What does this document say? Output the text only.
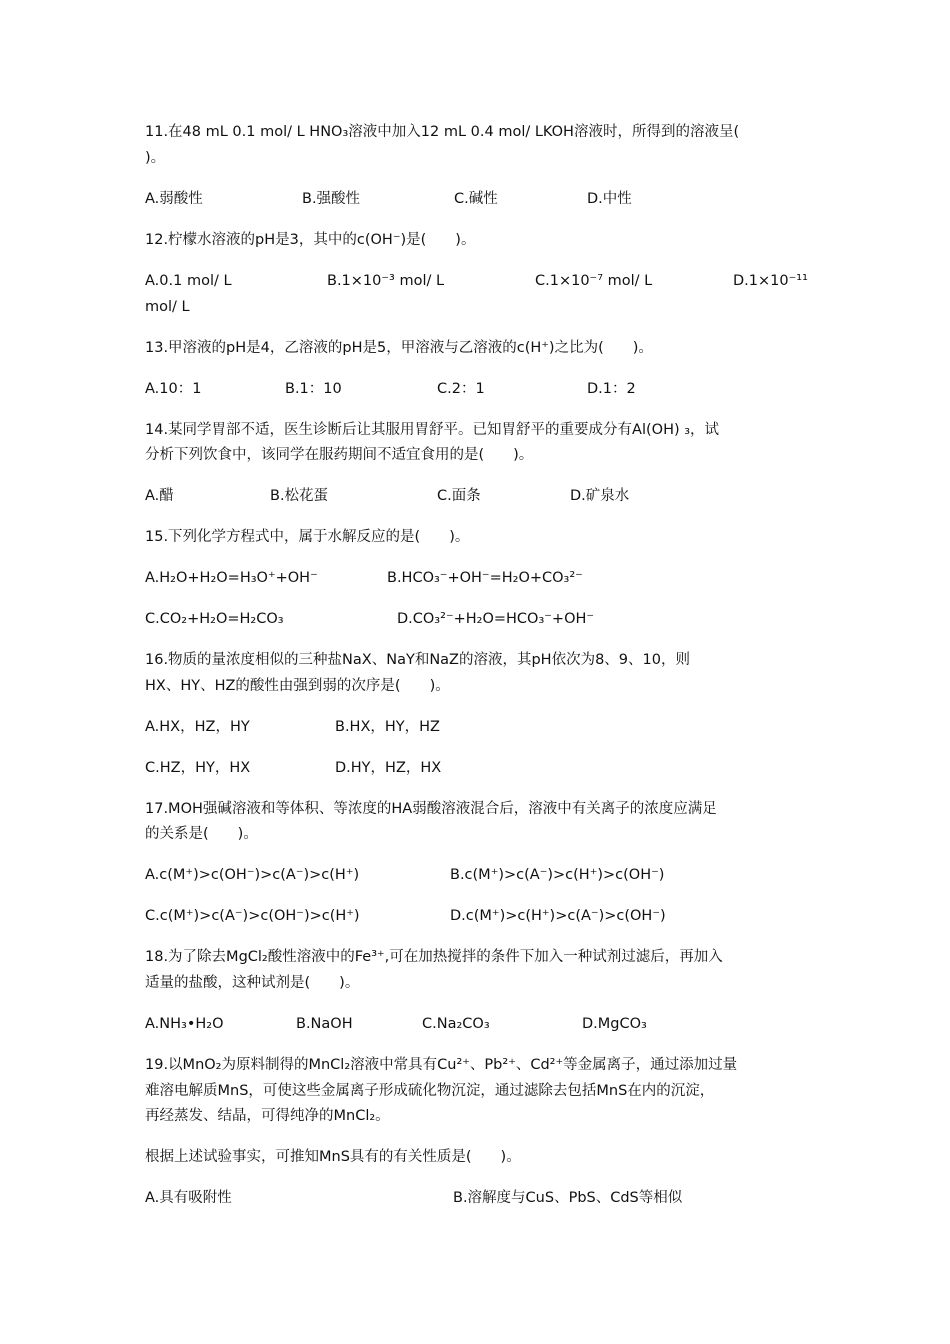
11.在48 mL 0.1 mol/ L HNO₃溶液中加入12 mL 0.4 mol/ LKOH溶液时，所得到的溶液呈(
)。
A.弱酸性	B.强酸性	C.碱性	D.中性
12.柠檬水溶液的pH是3，其中的c(OH⁻)是(　　)。
A.0.1 mol/ L	B.1×10⁻³ mol/ L	C.1×10⁻⁷ mol/ L	D.1×10⁻¹¹
mol/ L
13.甲溶液的pH是4，乙溶液的pH是5，甲溶液与乙溶液的c(H⁺)之比为(　　)。
A.10：1	B.1：10	C.2：1	D.1：2
14.某同学胃部不适，医生诊断后让其服用胃舒平。已知胃舒平的重要成分有Al(OH) ₃，试
分析下列饮食中，该同学在服药期间不适宜食用的是(　　)。
A.醋	B.松花蛋	C.面条	D.矿泉水
15.下列化学方程式中，属于水解反应的是(　　)。
A.H₂O+H₂O=H₃O⁺+OH⁻	B.HCO₃⁻+OH⁻=H₂O+CO₃²⁻
C.CO₂+H₂O=H₂CO₃	D.CO₃²⁻+H₂O=HCO₃⁻+OH⁻
16.物质的量浓度相似的三种盐NaX、NaY和NaZ的溶液，其pH依次为8、9、10，则
HX、HY、HZ的酸性由强到弱的次序是(　　)。
A.HX，HZ，HY	B.HX，HY，HZ
C.HZ，HY，HX	D.HY，HZ，HX
17.MOH强碱溶液和等体积、等浓度的HA弱酸溶液混合后，溶液中有关离子的浓度应满足
的关系是(　　)。
A.c(M⁺)>c(OH⁻)>c(A⁻)>c(H⁺)	B.c(M⁺)>c(A⁻)>c(H⁺)>c(OH⁻)
C.c(M⁺)>c(A⁻)>c(OH⁻)>c(H⁺)	D.c(M⁺)>c(H⁺)>c(A⁻)>c(OH⁻)
18.为了除去MgCl₂酸性溶液中的Fe³⁺,可在加热搅拌的条件下加入一种试剂过滤后，再加入
适量的盐酸，这种试剂是(　　)。
A.NH₃•H₂O	B.NaOH	C.Na₂CO₃	D.MgCO₃
19.以MnO₂为原料制得的MnCl₂溶液中常具有Cu²⁺、Pb²⁺、Cd²⁺等金属离子，通过添加过量
难溶电解质MnS，可使这些金属离子形成硫化物沉淀，通过滤除去包括MnS在内的沉淀，
再经蒸发、结晶，可得纯净的MnCl₂。
根据上述试验事实，可推知MnS具有的有关性质是(　　)。
A.具有吸附性	B.溶解度与CuS、PbS、CdS等相似
